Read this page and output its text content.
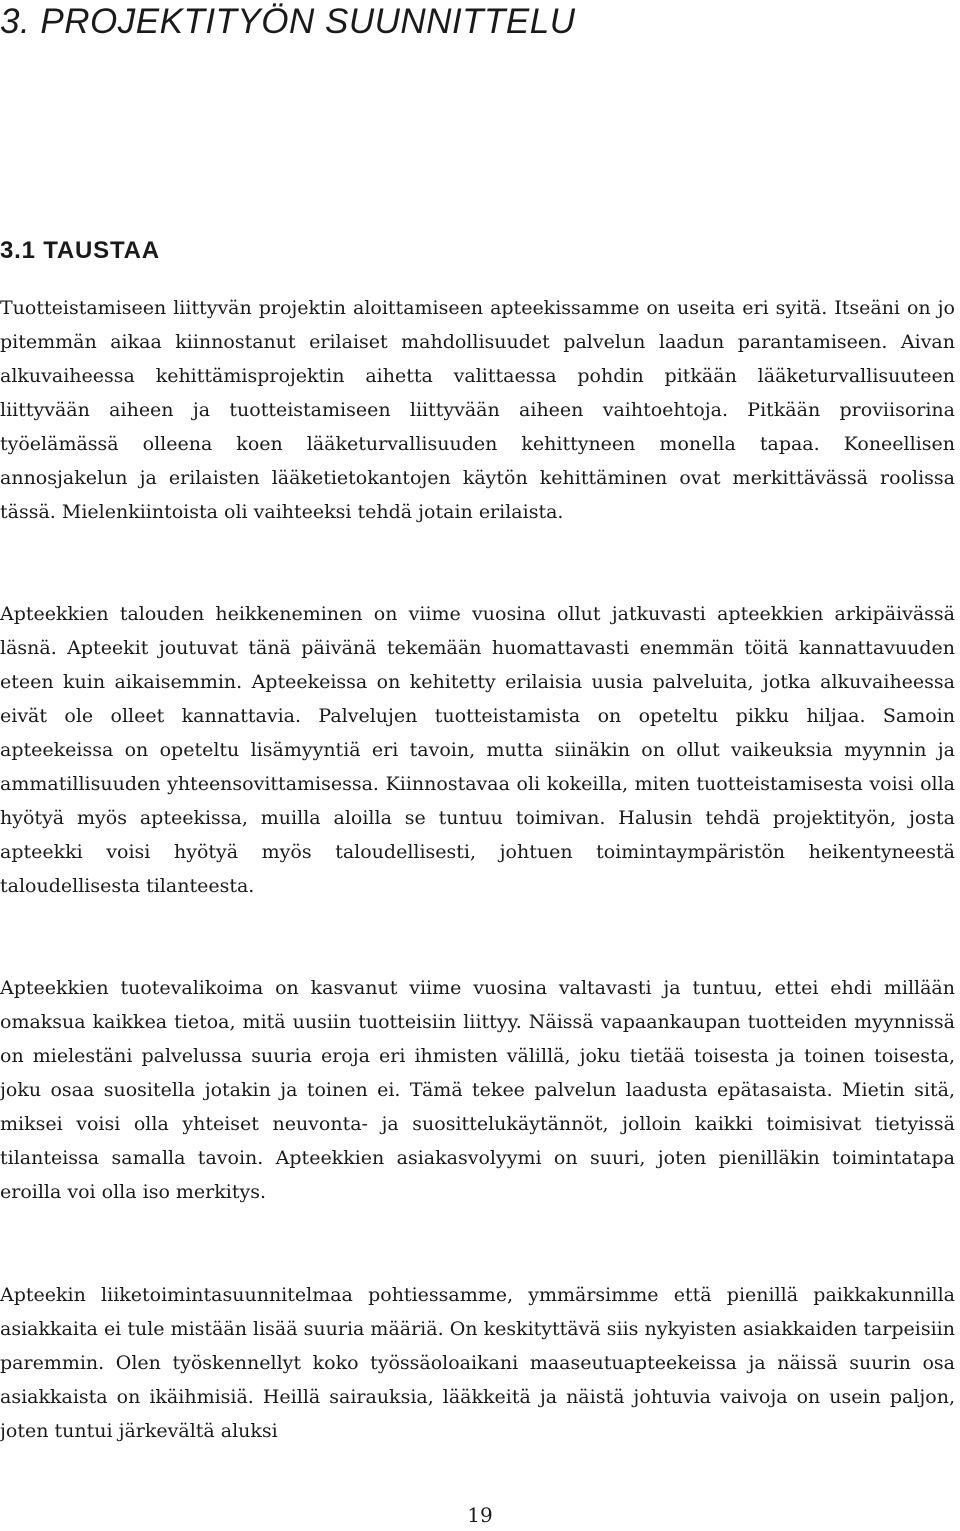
3. PROJEKTITYÖN SUUNNITTELU
3.1 TAUSTAA

Tuotteistamiseen liittyvän projektin aloittamiseen apteekissamme on useita eri syitä. Itseäni on jo pitemmän aikaa kiinnostanut erilaiset mahdollisuudet palvelun laadun parantamiseen. Aivan alkuvaiheessa kehittämisprojektin aihetta valittaessa pohdin pitkään lääketurvallisuuteen liittyvään aiheen ja tuotteistamiseen liittyvään aiheen vaihtoehtoja. Pitkään proviisorina työelämässä olleena koen lääketurvallisuuden kehittyneen monella tapaa. Koneellisen annosjakelun ja erilaisten lääketietokantojen käytön kehittäminen ovat merkittävässä roolissa tässä. Mielenkiintoista oli vaihteeksi tehdä jotain erilaista.

Apteekkien talouden heikkeneminen on viime vuosina ollut jatkuvasti apteekkien arkipäivässä läsnä. Apteekit joutuvat tänä päivänä tekemään huomattavasti enemmän töitä kannattavuuden eteen kuin aikaisemmin. Apteekeissa on kehitetty erilaisia uusia palveluita, jotka alkuvaiheessa eivät ole olleet kannattavia. Palvelujen tuotteistamista on opeteltu pikku hiljaa. Samoin apteekeissa on opeteltu lisämyyntiä eri tavoin, mutta siinäkin on ollut vaikeuksia myynnin ja ammatillisuuden yhteensovittamisessa. Kiinnostavaa oli kokeilla, miten tuotteistamisesta voisi olla hyötyä myös apteekissa, muilla aloilla se tuntuu toimivan. Halusin tehdä projektityön, josta apteekki voisi hyötyä myös taloudellisesti, johtuen toimintaympäristön heikentyneestä taloudellisesta tilanteesta.

Apteekkien tuotevalikoima on kasvanut viime vuosina valtavasti ja tuntuu, ettei ehdi millään omaksua kaikkea tietoa, mitä uusiin tuotteisiin liittyy. Näissä vapaankaupan tuotteiden myynnissä on mielestäni palvelussa suuria eroja eri ihmisten välillä, joku tietää toisesta ja toinen toisesta, joku osaa suositella jotakin ja toinen ei. Tämä tekee palvelun laadusta epätasaista. Mietin sitä, miksei voisi olla yhteiset neuvonta- ja suosittelukäytännöt, jolloin kaikki toimisivat tietyissä tilanteissa samalla tavoin. Apteekkien asiakasvolyymi on suuri, joten pienilläkin toimintatapa eroilla voi olla iso merkitys.

Apteekin liiketoimintasuunnitelmaa pohtiessamme, ymmärsimme että pienillä paikkakunnilla asiakkaita ei tule mistään lisää suuria määriä. On keskityttävä siis nykyisten asiakkaiden tarpeisiin paremmin. Olen työskennellyt koko työssäoloaikani maaseutuapteekeissa ja näissä suurin osa asiakkaista on ikäihmisiä. Heillä sairauksia, lääkkeitä ja näistä johtuvia vaivoja on usein paljon, joten tuntui järkevältä aluksi

19
